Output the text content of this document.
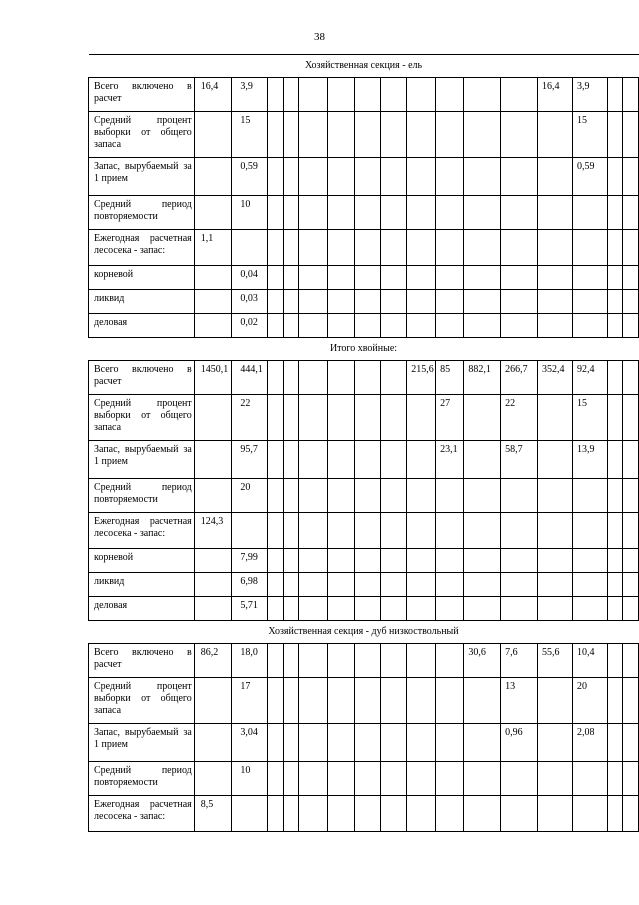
38
Хозяйственная секция - ель																
Всего включено в расчет	16,4	3,9											16,4	3,9		
Средний процент выборки от общего запаса		15												15		
Запас, вырубаемый за 1 прием		0,59												0,59		
Средний период повторяемости		10														
Ежегодная расчетная лесосека - запас:	1,1															
корневой		0,04														
ликвид		0,03														
деловая		0,02														
Итого хвойные:																
Всего включено в расчет	1450,1	444,1							215,6	85	882,1	266,7	352,4	92,4		
Средний процент выборки от общего запаса		22								27		22		15		
Запас, вырубаемый за 1 прием		95,7								23,1		58,7		13,9		
Средний период повторяемости		20														
Ежегодная расчетная лесосека - запас:	124,3															
корневой		7,99														
ликвид		6,98														
деловая		5,71														
Хозяйственная секция - дуб низкоствольный																
Всего включено в расчет	86,2	18,0									30,6	7,6	55,6	10,4		
Средний процент выборки от общего запаса		17										13		20		
Запас, вырубаемый за 1 прием		3,04										0,96		2,08		
Средний период повторяемости		10														
Ежегодная расчетная лесосека - запас:	8,5															
